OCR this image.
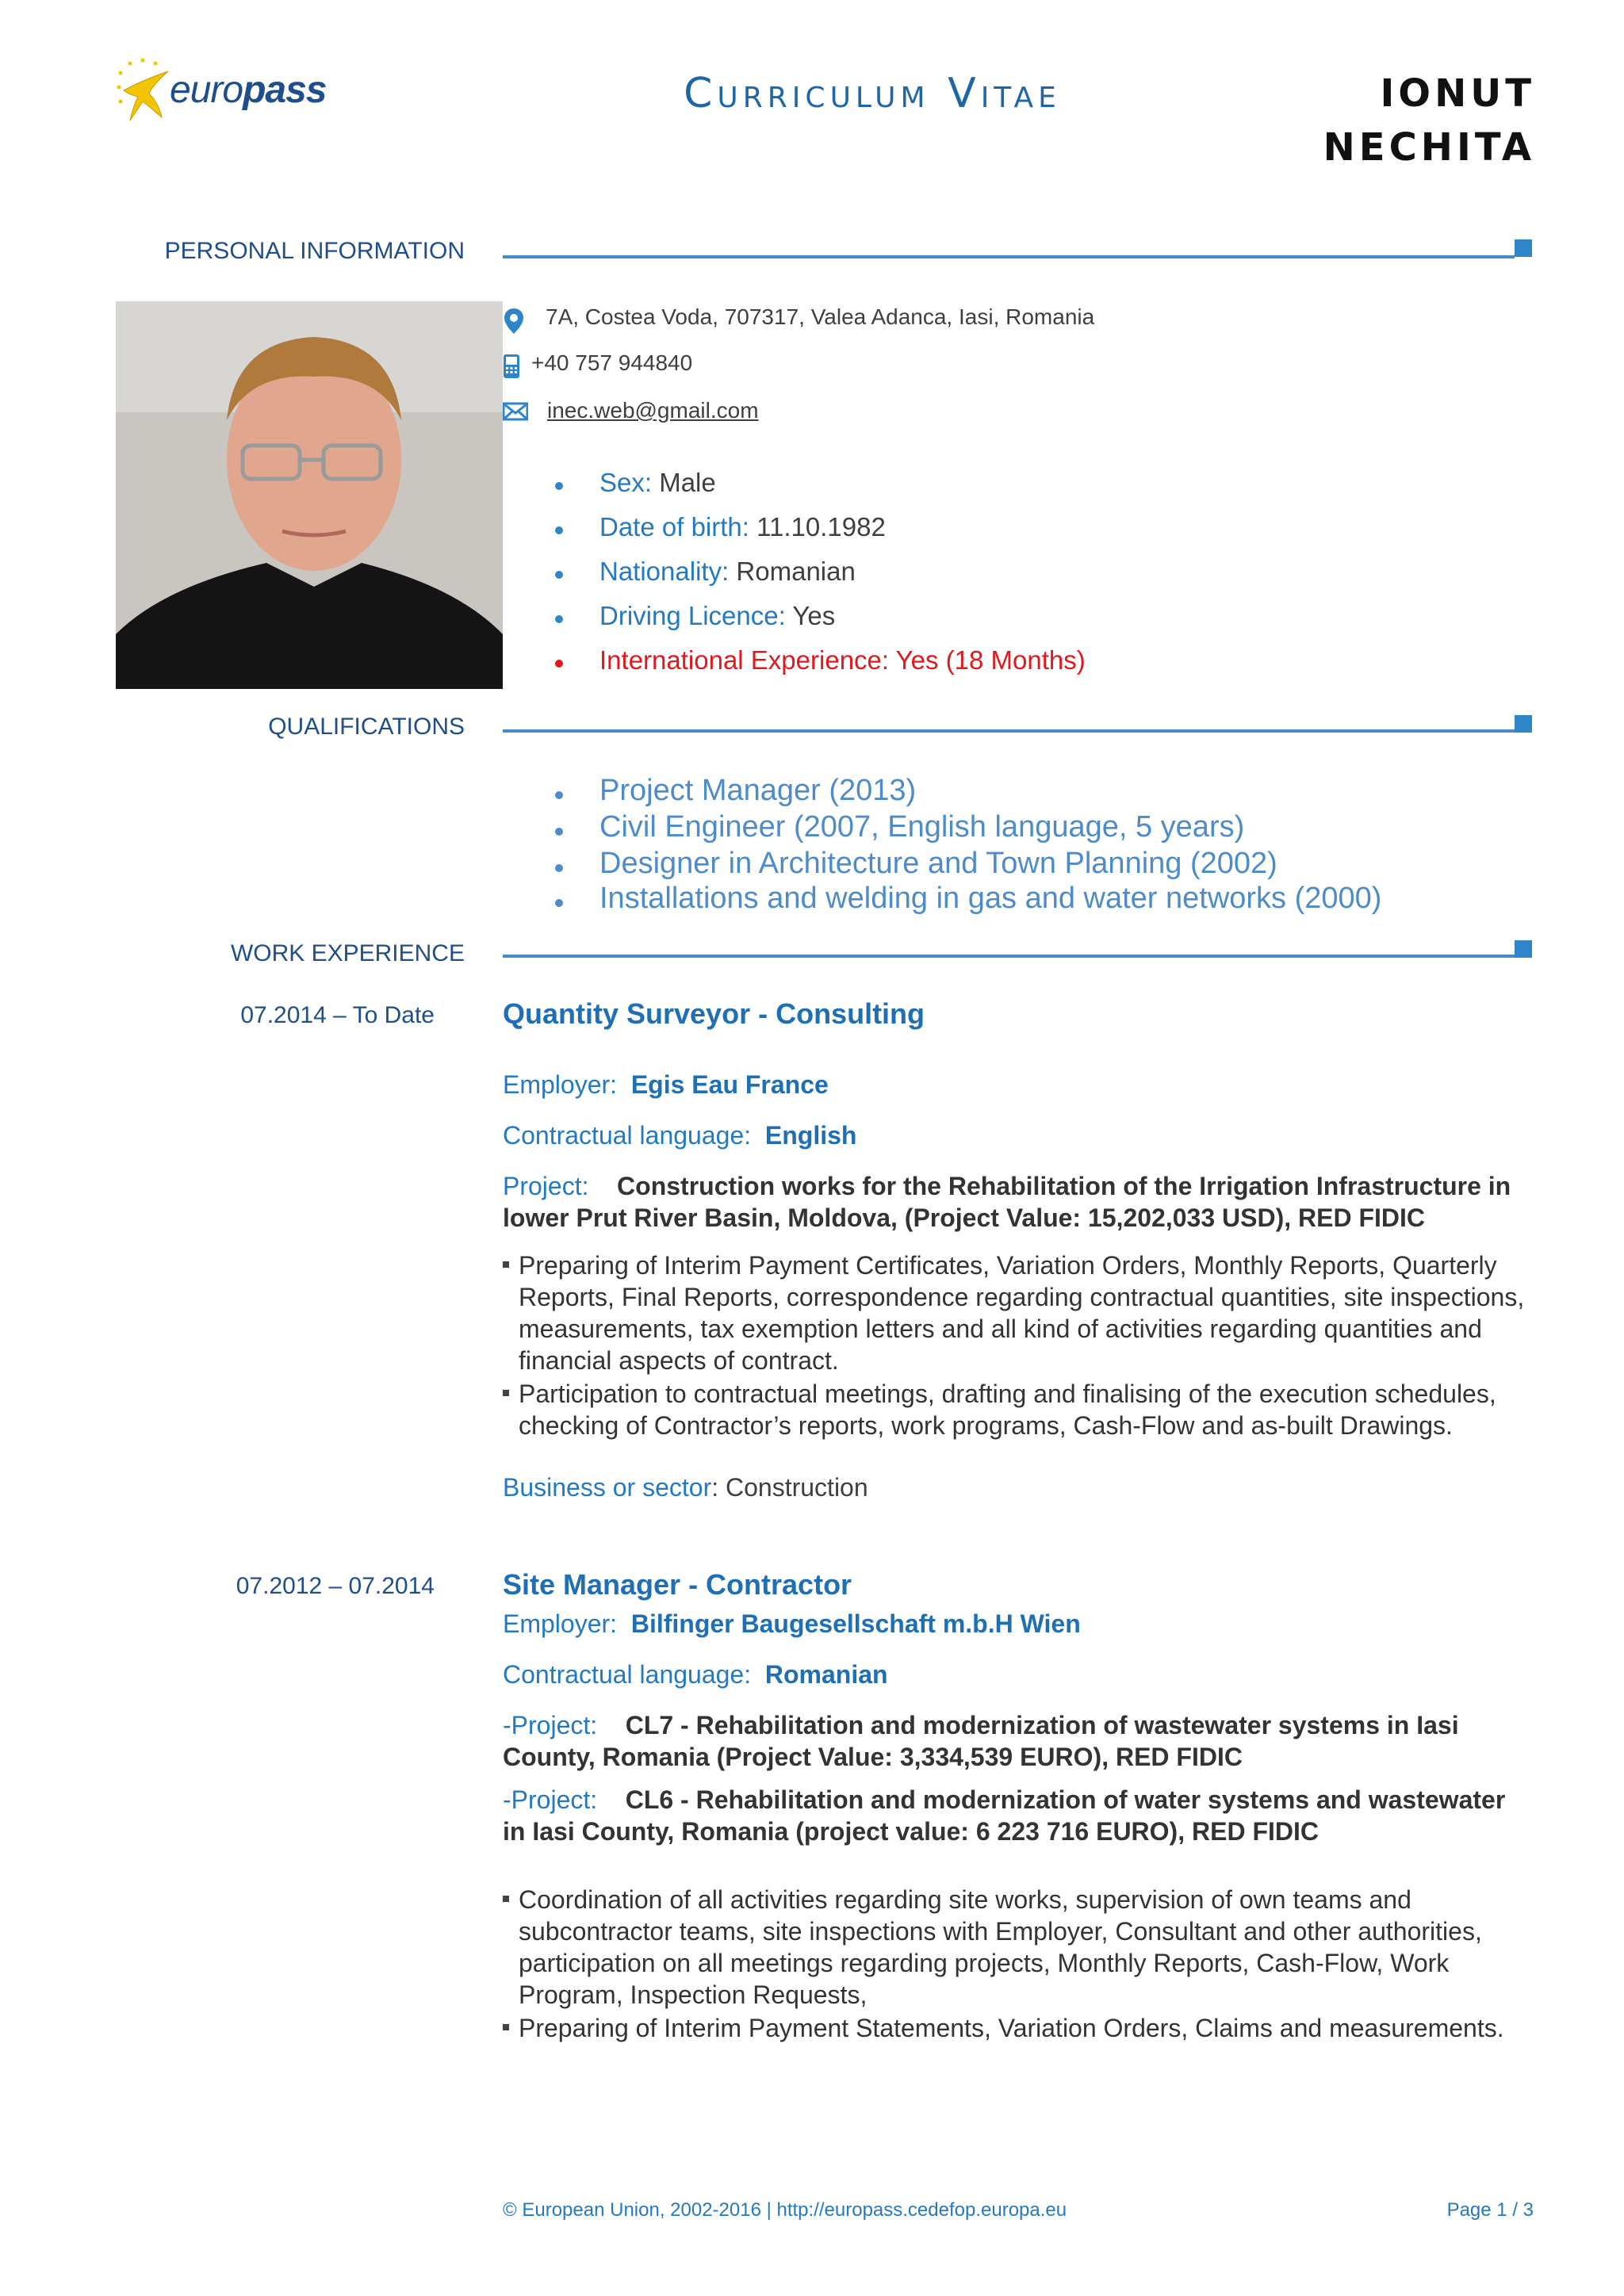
europass	Curriculum Vitae	IONUT
NECHITA
PERSONAL INFORMATION
7A, Costea Voda, 707317, Valea Adanca, Iasi, Romania
+40 757 944840
inec.web@gmail.com
Sex: Male
Date of birth: 11.10.1982
Nationality: Romanian
Driving Licence: Yes
International Experience: Yes (18 Months)
QUALIFICATIONS
Project Manager (2013)
Civil Engineer (2007, English language, 5 years)
Designer in Architecture and Town Planning (2002)
Installations and welding in gas and water networks (2000)
WORK EXPERIENCE
07.2014 – To Date Quantity Surveyor - Consulting
Employer: Egis Eau France
Contractual language: English
Project: Construction works for the Rehabilitation of the Irrigation Infrastructure in lower Prut River Basin, Moldova, (Project Value: 15,202,033 USD), RED FIDIC
Preparing of Interim Payment Certificates, Variation Orders, Monthly Reports, Quarterly Reports, Final Reports, correspondence regarding contractual quantities, site inspections, measurements, tax exemption letters and all kind of activities regarding quantities and financial aspects of contract.
Participation to contractual meetings, drafting and finalising of the execution schedules, checking of Contractor’s reports, work programs, Cash-Flow and as-built Drawings.
Business or sector: Construction
07.2012 – 07.2014 Site Manager - Contractor
Employer: Bilfinger Baugesellschaft m.b.H Wien
Contractual language: Romanian
-Project: CL7 - Rehabilitation and modernization of wastewater systems in Iasi County, Romania (Project Value: 3,334,539 EURO), RED FIDIC
-Project: CL6 - Rehabilitation and modernization of water systems and wastewater in Iasi County, Romania (project value: 6 223 716 EURO), RED FIDIC
Coordination of all activities regarding site works, supervision of own teams and subcontractor teams, site inspections with Employer, Consultant and other authorities, participation on all meetings regarding projects, Monthly Reports, Cash-Flow, Work Program, Inspection Requests,
Preparing of Interim Payment Statements, Variation Orders, Claims and measurements.
© European Union, 2002-2016 | http://europass.cedefop.europa.eu	Page 1 / 3
